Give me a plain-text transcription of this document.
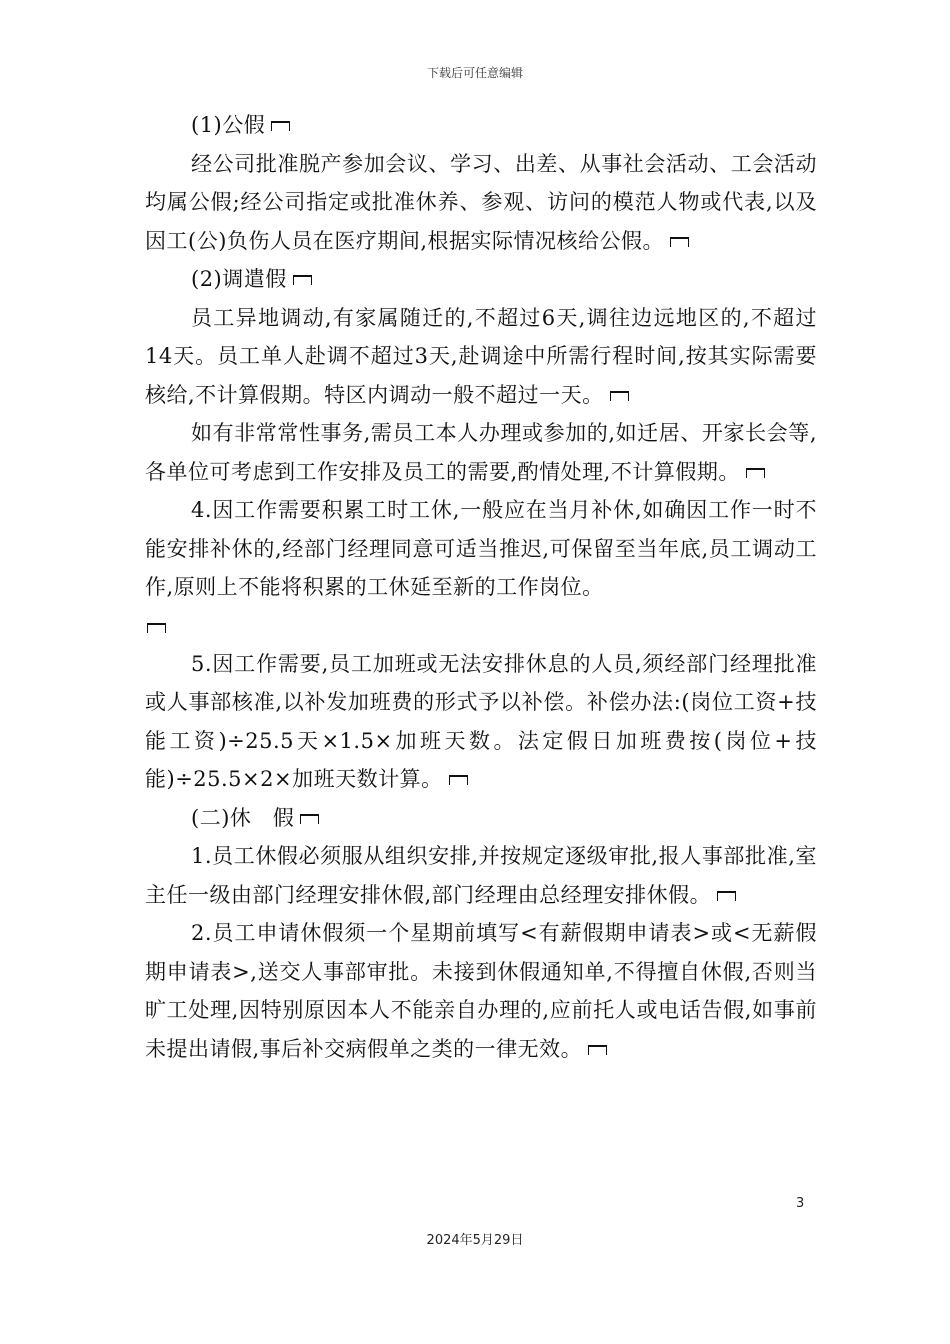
下载后可任意编辑

(1)公假

经公司批准脱产参加会议、学习、出差、从事社会活动、工会活动均属公假;经公司指定或批准休养、参观、访问的模范人物或代表,以及因工(公)负伤人员在医疗期间,根据实际情况核给公假。

(2)调遣假

员工异地调动,有家属随迁的,不超过6天,调往边远地区的,不超过14天。员工单人赴调不超过3天,赴调途中所需行程时间,按其实际需要核给,不计算假期。特区内调动一般不超过一天。

如有非常常性事务,需员工本人办理或参加的,如迁居、开家长会等,各单位可考虑到工作安排及员工的需要,酌情处理,不计算假期。

4.因工作需要积累工时工休,一般应在当月补休,如确因工作一时不能安排补休的,经部门经理同意可适当推迟,可保留至当年底,员工调动工作,原则上不能将积累的工休延至新的工作岗位。

5.因工作需要,员工加班或无法安排休息的人员,须经部门经理批准或人事部核准,以补发加班费的形式予以补偿。补偿办法:(岗位工资+技能工资)÷25.5天×1.5×加班天数。法定假日加班费按(岗位+技能)÷25.5×2×加班天数计算。

(二)休　假

1.员工休假必须服从组织安排,并按规定逐级审批,报人事部批准,室主任一级由部门经理安排休假,部门经理由总经理安排休假。

2.员工申请休假须一个星期前填写<有薪假期申请表>或<无薪假期申请表>,送交人事部审批。未接到休假通知单,不得擅自休假,否则当旷工处理,因特别原因本人不能亲自办理的,应前托人或电话告假,如事前未提出请假,事后补交病假单之类的一律无效。

3
2024年5月29日
